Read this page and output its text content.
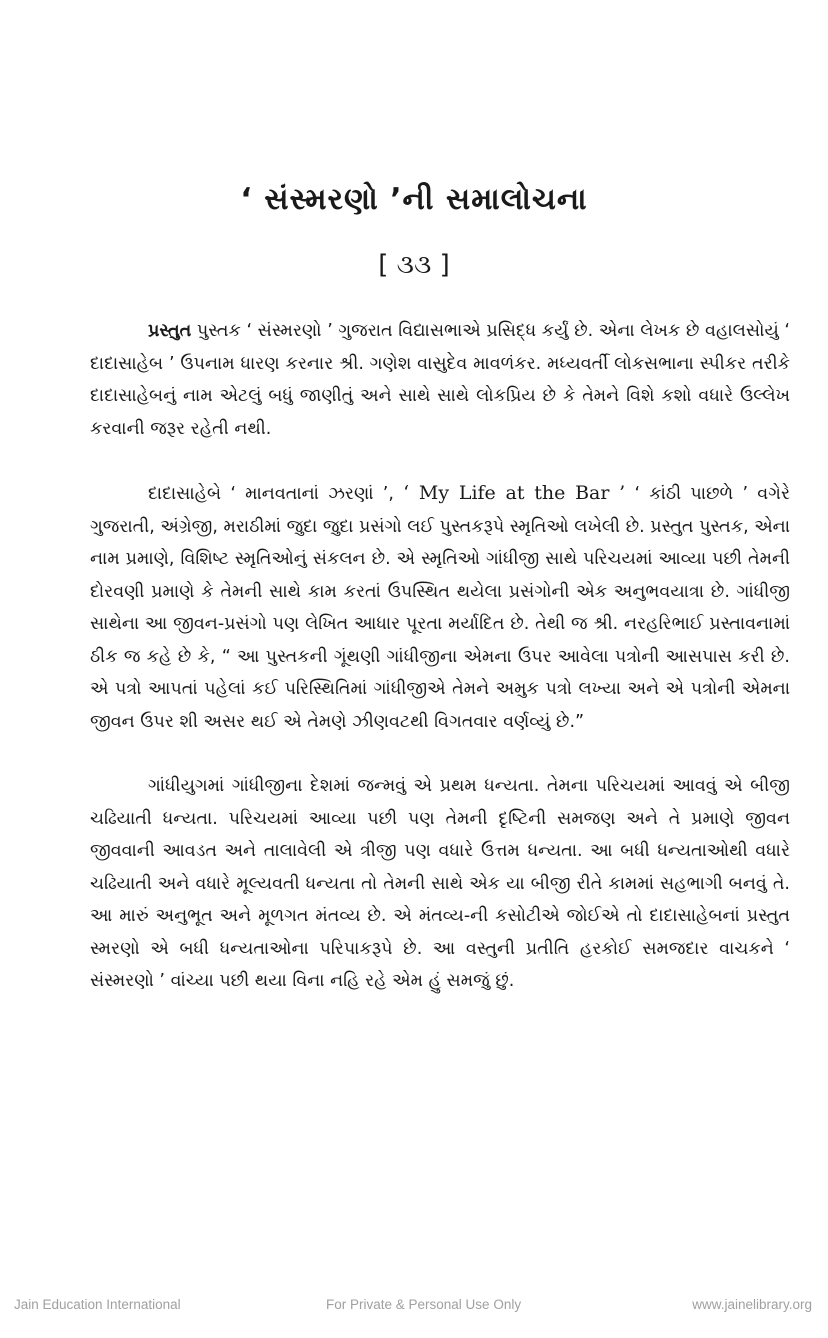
‘ સંસ્મરણો ’ની સમાલોચના
[ ૩૩ ]

પ્રસ્તુત પુસ્તક ‘ સંસ્મરણો ’ ગુજરાત વિદ્યાસભાએ પ્રસિદ્ધ કર્યું છે. એના લેખક છે વહાલસોયું ‘ દાદાસાહેબ ’ ઉપનામ ધારણ કરનાર શ્રી. ગણેશ વાસુદેવ માવળંકર. મધ્યવર્તી લોકસભાના સ્પીકર તરીકે દાદાસાહેબનું નામ એટલું બધું જાણીતું અને સાથે સાથે લોકપ્રિય છે કે તેમને વિશે કશો વધારે ઉલ્લેખ કરવાની જરૂર રહેતી નથી.

દાદાસાહેબે ‘ માનવતાનાં ઝરણાં ’, ‘ My Life at the Bar ’ ‘ કાંઠી પાછળે ’ વગેરે ગુજરાતી, અંગ્રેજી, મરાઠીમાં જુદા જુદા પ્રસંગો લઈ પુસ્તકરૂપે સ્મૃતિઓ લખેલી છે. પ્રસ્તુત પુસ્તક, એના નામ પ્રમાણે, વિશિષ્ટ સ્મૃતિઓનું સંકલન છે. એ સ્મૃતિઓ ગાંધીજી સાથે પરિચયમાં આવ્યા પછી તેમની દોરવણી પ્રમાણે કે તેમની સાથે કામ કરતાં ઉપસ્થિત થયેલા પ્રસંગોની એક અનુભવયાત્રા છે. ગાંધીજી સાથેના આ જીવન-પ્રસંગો પણ લેખિત આધાર પૂરતા મર્યાદિત છે. તેથી જ શ્રી. નરહરિભાઈ પ્રસ્તાવનામાં ઠીક જ કહે છે કે, “ આ પુસ્તકની ગૂંથણી ગાંધીજીના એમના ઉપર આવેલા પત્રોની આસપાસ કરી છે. એ પત્રો આપતાં પહેલાં કઈ પરિસ્થિતિમાં ગાંધીજીએ તેમને અમુક પત્રો લખ્યા અને એ પત્રોની એમના જીવન ઉપર શી અસર થઈ એ તેમણે ઝીણવટથી વિગતવાર વર્ણવ્યું છે.”

ગાંધીયુગમાં ગાંધીજીના દેશમાં જન્મવું એ પ્રથમ ધન્યતા. તેમના પરિચયમાં આવવું એ બીજી ચઢિયાતી ધન્યતા. પરિચયમાં આવ્યા પછી પણ તેમની દૃષ્ટિની સમજણ અને તે પ્રમાણે જીવન જીવવાની આવડત અને તાલાવેલી એ ત્રીજી પણ વધારે ઉત્તમ ધન્યતા. આ બધી ધન્યતાઓથી વધારે ચઢિયાતી અને વધારે મૂલ્યવતી ધન્યતા તો તેમની સાથે એક યા બીજી રીતે કામમાં સહભાગી બનવું તે. આ મારું અનુભૂત અને મૂળગત મંતવ્ય છે. એ મંતવ્ય-ની કસોટીએ જોઈએ તો દાદાસાહેબનાં પ્રસ્તુત સ્મરણો એ બધી ધન્યતાઓના પરિપાકરૂપે છે. આ વસ્તુની પ્રતીતિ હરકોઈ સમજદાર વાચકને ‘ સંસ્મરણો ’ વાંચ્યા પછી થયા વિના નહિ રહે એમ હું સમજું છું.

Jain Education International	For Private & Personal Use Only	www.jainelibrary.org
